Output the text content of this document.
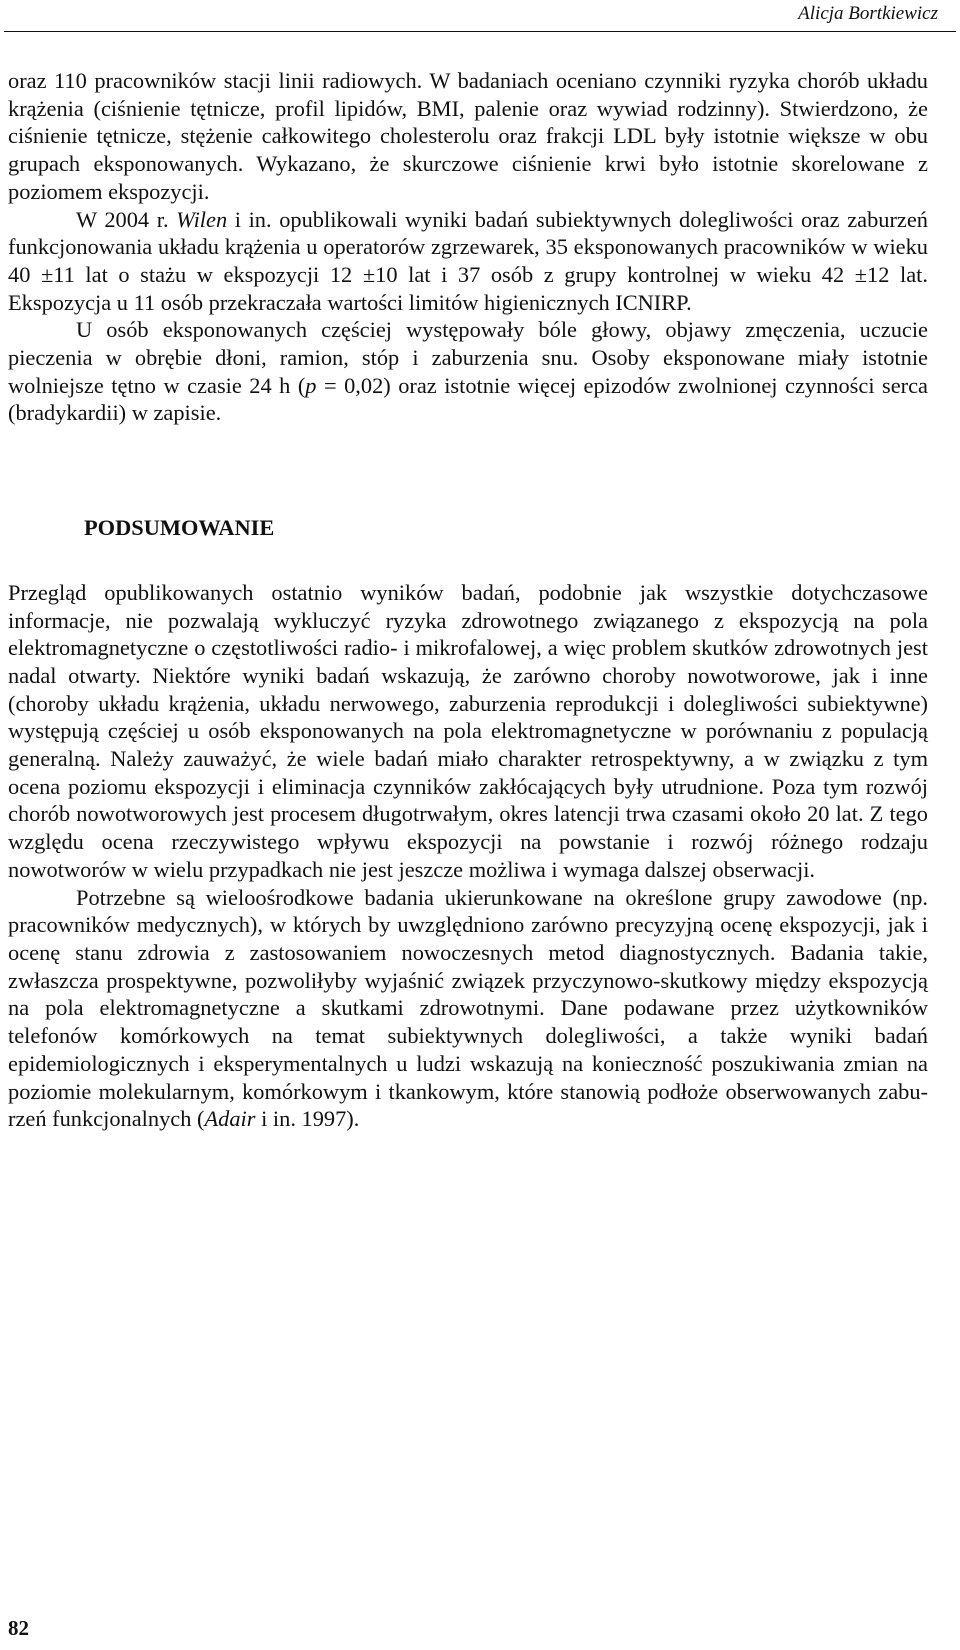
Alicja Bortkiewicz

oraz 110 pracowników stacji linii radiowych. W badaniach oceniano czynniki ryzyka chorób układu krążenia (ciśnienie tętnicze, profil lipidów, BMI, palenie oraz wywiad rodzinny). Stwierdzono, że ciśnienie tętnicze, stężenie całkowitego cholesterolu oraz frakcji LDL były istotnie większe w obu grupach eksponowanych. Wykazano, że skurczowe ciśnienie krwi było istotnie skorelowane z poziomem ekspozycji.

W 2004 r. Wilen i in. opublikowali wyniki badań subiektywnych dolegliwości oraz zaburzeń funkcjonowania układu krążenia u operatorów zgrzewarek, 35 eksponowanych pracowników w wieku 40 ±11 lat o stażu w ekspozycji 12 ±10 lat i 37 osób z grupy kontrolnej w wieku 42 ±12 lat. Ekspozycja u 11 osób przekraczała wartości limitów higienicznych ICNIRP.

U osób eksponowanych częściej występowały bóle głowy, objawy zmęczenia, uczucie pieczenia w obrębie dłoni, ramion, stóp i zaburzenia snu. Osoby eksponowane miały istotnie wolniejsze tętno w czasie 24 h (p = 0,02) oraz istotnie więcej epizodów zwolnionej czynności serca (bradykardii) w zapisie.

PODSUMOWANIE

Przegląd opublikowanych ostatnio wyników badań, podobnie jak wszystkie dotychczasowe informacje, nie pozwalają wykluczyć ryzyka zdrowotnego związanego z ekspozycją na pola elektromagnetyczne o częstotliwości radio- i mikrofalowej, a więc problem skutków zdrowotnych jest nadal otwarty. Niektóre wyniki badań wskazują, że zarówno choroby nowotworowe, jak i inne (choroby układu krążenia, układu nerwowego, zaburzenia reprodukcji i dolegliwości subiektywne) występują częściej u osób eksponowanych na pola elektromagnetyczne w porównaniu z populacją generalną. Należy zauważyć, że wiele badań miało charakter retrospektywny, a w związku z tym ocena poziomu ekspozycji i eliminacja czynników zakłócających były utrudnione. Poza tym rozwój chorób nowotworowych jest procesem długotrwałym, okres latencji trwa czasami około 20 lat. Z tego względu ocena rzeczywistego wpływu ekspozycji na powstanie i rozwój różnego rodzaju nowotworów w wielu przypadkach nie jest jeszcze możliwa i wymaga dalszej obserwacji.

Potrzebne są wieloośrodkowe badania ukierunkowane na określone grupy zawodowe (np. pracowników medycznych), w których by uwzględniono zarówno precyzyjną ocenę ekspozycji, jak i ocenę stanu zdrowia z zastosowaniem nowoczesnych metod diagnostycznych. Badania takie, zwłaszcza prospektywne, pozwoliłyby wyjaśnić związek przyczynowo-skutkowy między ekspozycją na pola elektromagnetyczne a skutkami zdrowotnymi. Dane podawane przez użytkowników telefonów komórkowych na temat subiektywnych dolegliwości, a także wyniki badań epidemiologicznych i eksperymentalnych u ludzi wskazują na konieczność poszukiwania zmian na poziomie molekularnym, komórkowym i tkankowym, które stanowią podłoże obserwowanych zaburzeń funkcjonalnych (Adair i in. 1997).

82
